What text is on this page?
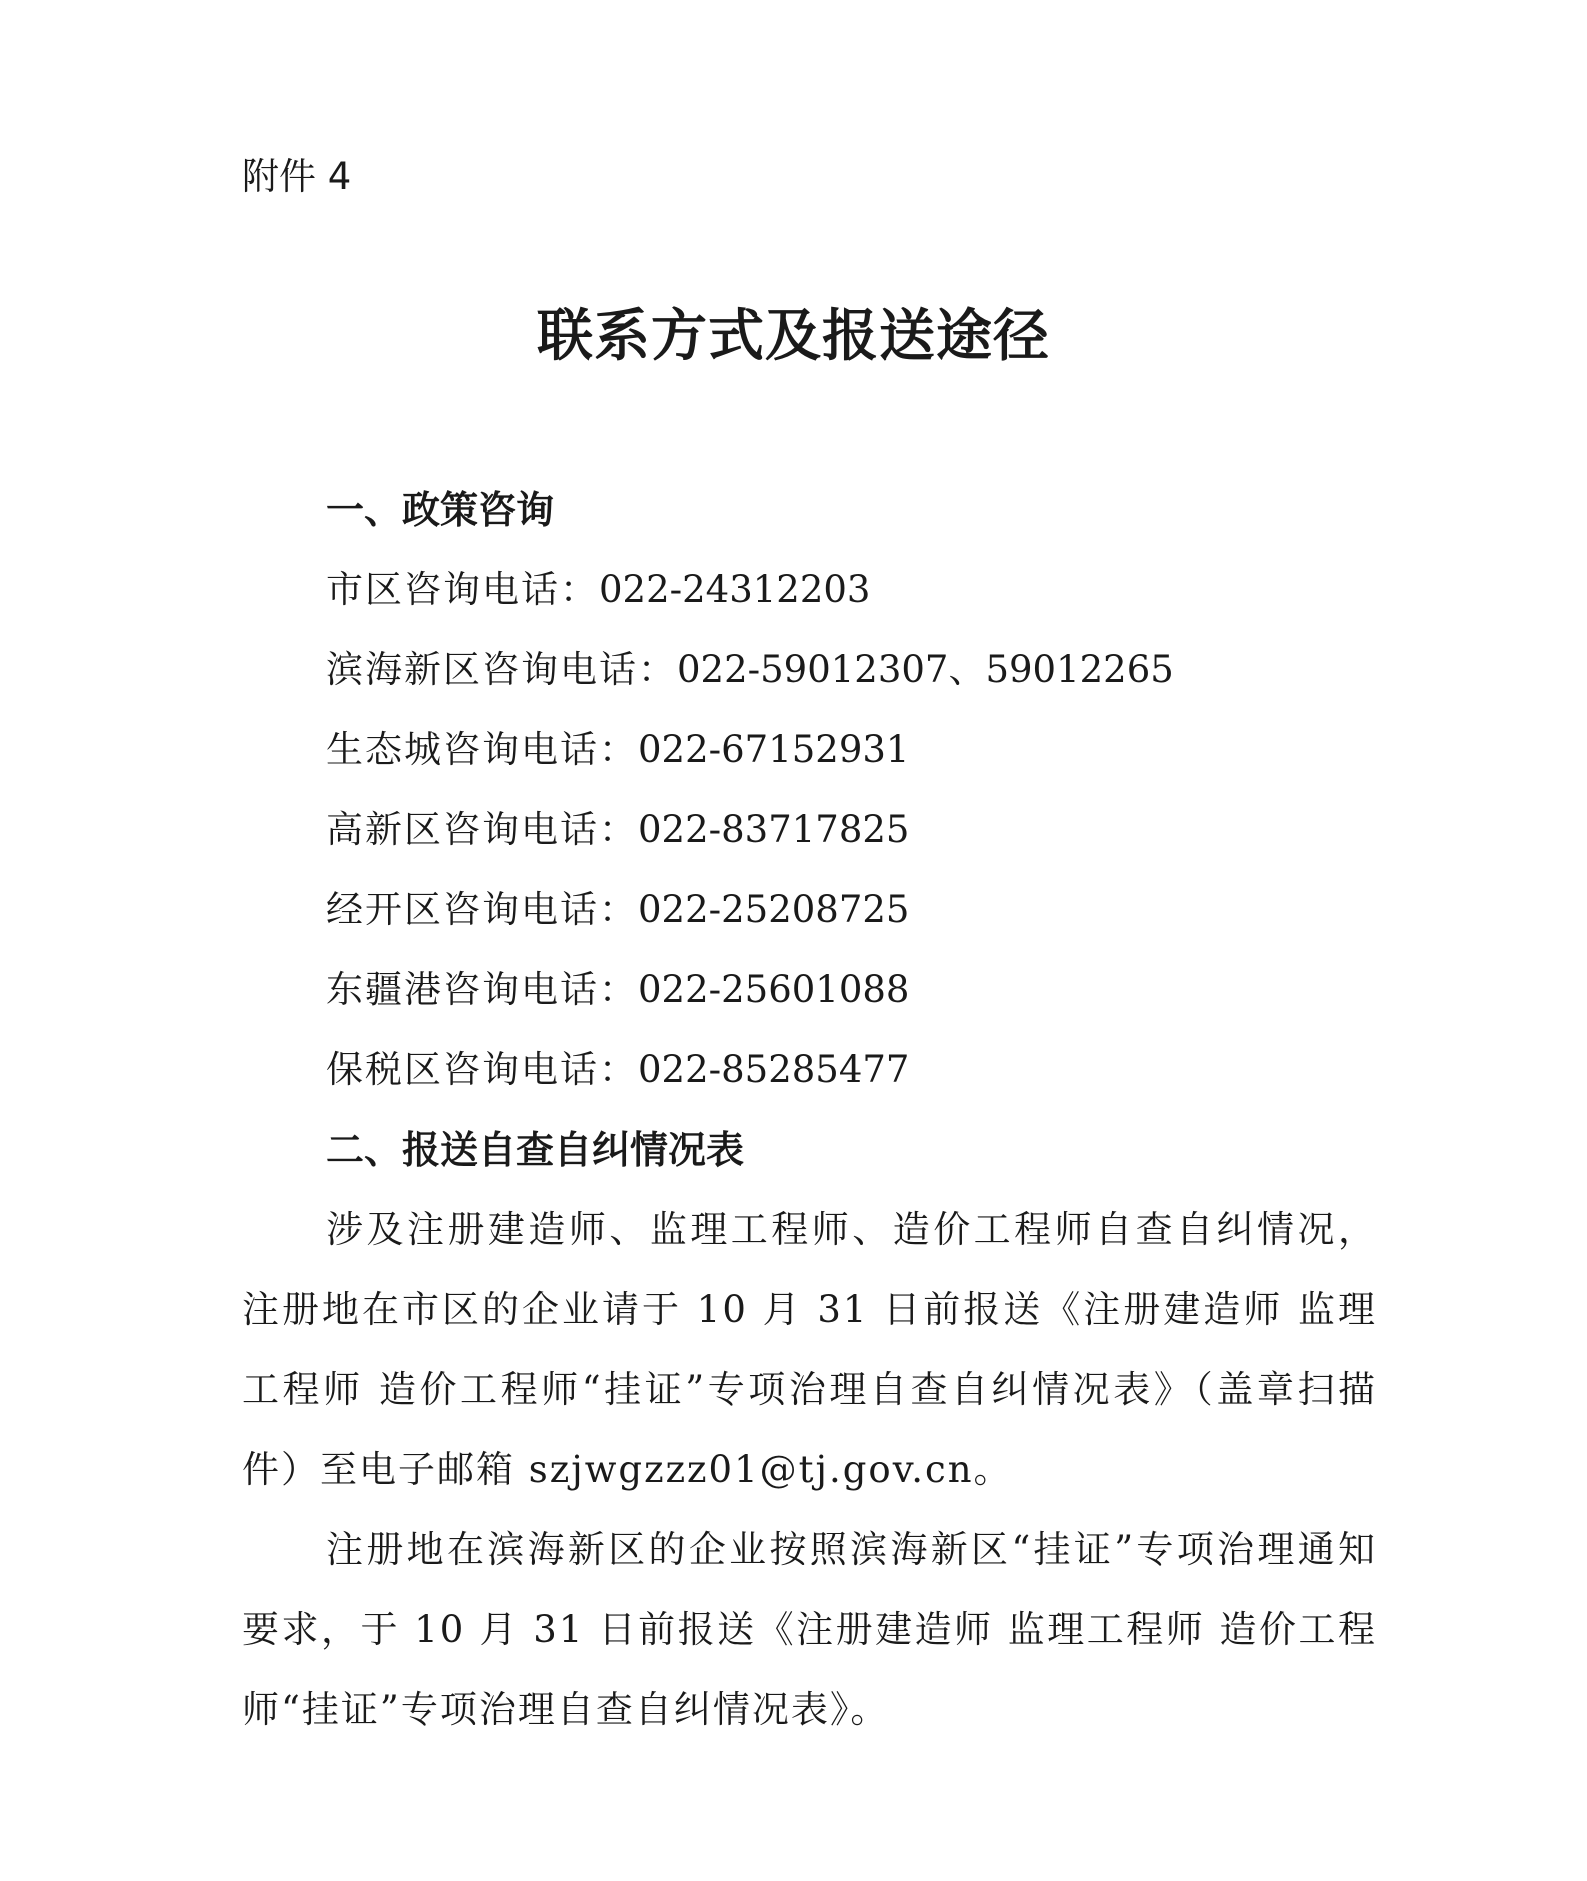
附件 4

联系方式及报送途径
一、政策咨询
市区咨询电话：022-24312203
滨海新区咨询电话：022-59012307、59012265
生态城咨询电话：022-67152931
高新区咨询电话：022-83717825
经开区咨询电话：022-25208725
东疆港咨询电话：022-25601088
保税区咨询电话：022-85285477
二、报送自查自纠情况表

涉及注册建造师、监理工程师、造价工程师自查自纠情况，注册地在市区的企业请于 10 月 31 日前报送《注册建造师 监理工程师 造价工程师“挂证”专项治理自查自纠情况表》（盖章扫描件）至电子邮箱 szjwgzzz01@tj.gov.cn。

注册地在滨海新区的企业按照滨海新区“挂证”专项治理通知要求，于 10 月 31 日前报送《注册建造师 监理工程师 造价工程师“挂证”专项治理自查自纠情况表》。
